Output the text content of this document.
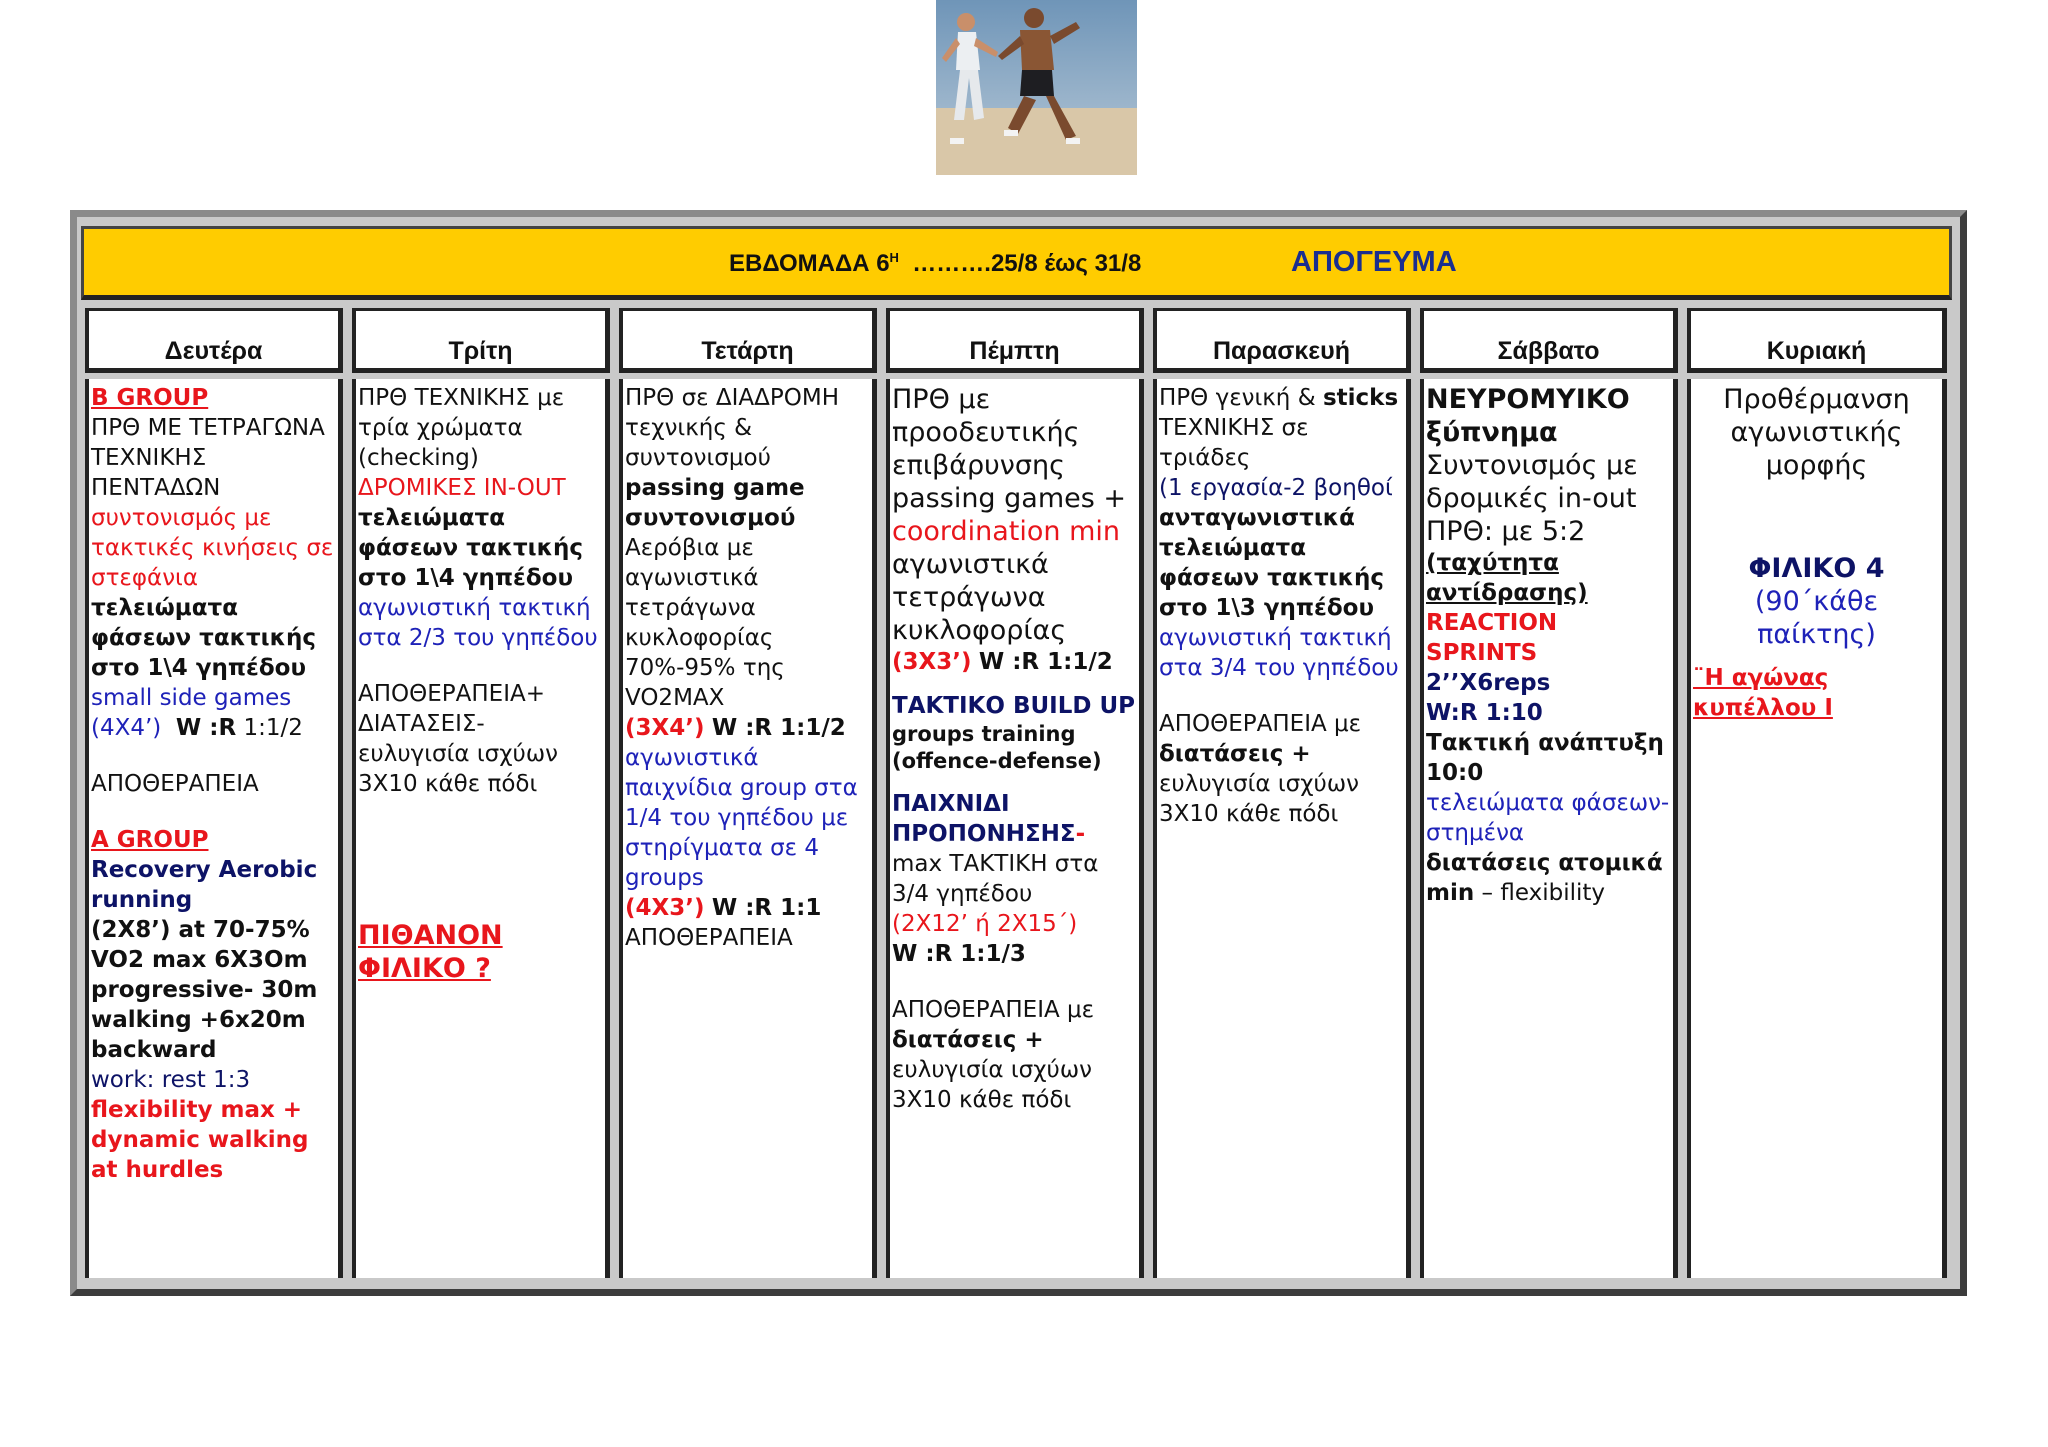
ΕΒΔΟΜΑΔΑ $6^H$ ……….25/8 έως 31/8	ΑΠΟΓΕΥΜΑ
Δευτέρα
B GROUP
ΠΡΘ ΜΕ ΤΕΤΡΑΓΩΝΑ ΤΕΧΝΙΚΗΣ ΠΕΝΤΑΔΩΝ
συντονισμός με τακτικές κινήσεις σε στεφάνια
τελειώματα φάσεων τακτικής στο 1\4 γηπέδου
small side games
(4Χ4’) W :R 1:1/2
ΑΠΟΘΕΡΑΠΕΙΑ
A GROUP
Recovery Aerobic running
(2X8’) at 70-75% VO2 max 6X3Om progressive- 30m walking +6x20m backward
work: rest 1:3
flexibility max + dynamic walking at hurdles
Τρίτη
ΠΡΘ ΤΕΧΝΙΚΗΣ με τρία χρώματα (checking)
ΔΡΟΜΙΚΕΣ IN-OUT
τελειώματα φάσεων τακτικής στο 1\4 γηπέδου
αγωνιστική τακτική στα 2/3 του γηπέδου
ΑΠΟΘΕΡΑΠΕΙΑ+ ΔΙΑΤΑΣΕΙΣ- ευλυγισία ισχύων 3Χ10 κάθε πόδι
ΠΙΘΑΝΟΝ ΦΙΛΙΚΟ ?
Τετάρτη
ΠΡΘ σε ΔΙΑΔΡΟΜΗ τεχνικής & συντονισμού
passing game συντονισμού
Αερόβια με αγωνιστικά τετράγωνα κυκλοφορίας 70%-95% της VO2MAX
(3X4’) W :R 1:1/2
αγωνιστικά παιχνίδια group στα 1/4 του γηπέδου με στηρίγματα σε 4 groups
(4X3’) W :R 1:1
ΑΠΟΘΕΡΑΠΕΙΑ
Πέμπτη
ΠΡΘ με προοδευτικής επιβάρυνσης passing games +
coordination min
αγωνιστικά τετράγωνα κυκλοφορίας
(3X3’) W :R 1:1/2
ΤΑΚΤΙΚΟ BUILD UP
groups training (offence-defense)
ΠΑΙΧΝΙΔΙ ΠΡΟΠΟΝΗΣΗΣ-
max ΤΑΚΤΙΚΗ στα 3/4 γηπέδου
(2Χ12’ ή 2Χ15΄)
W :R 1:1/3
ΑΠΟΘΕΡΑΠΕΙΑ με
διατάσεις +
ευλυγισία ισχύων 3Χ10 κάθε πόδι
Παρασκευή
ΠΡΘ γενική & sticks ΤΕΧΝΙΚΗΣ σε τριάδες
(1 εργασία-2 βοηθοί
ανταγωνιστικά τελειώματα φάσεων τακτικής στο 1\3 γηπέδου
αγωνιστική τακτική στα 3/4 του γηπέδου
ΑΠΟΘΕΡΑΠΕΙΑ με
διατάσεις +
ευλυγισία ισχύων 3Χ10 κάθε πόδι
Σάββατο
ΝΕΥΡΟΜΥΙΚΟ ξύπνημα
Συντονισμός με δρομικές in-out ΠΡΘ: με 5:2
(ταχύτητα αντίδρασης)
REACTION SPRINTS
2’’X6reps
W:R 1:10
Τακτική ανάπτυξη 10:0
τελειώματα φάσεων-στημένα
διατάσεις ατομικά min – flexibility
Κυριακή
Προθέρμανση αγωνιστικής μορφής
ΦΙΛΙΚΟ 4
(90΄κάθε παίκτης)
¨Η αγώνας κυπέλλου Ι
